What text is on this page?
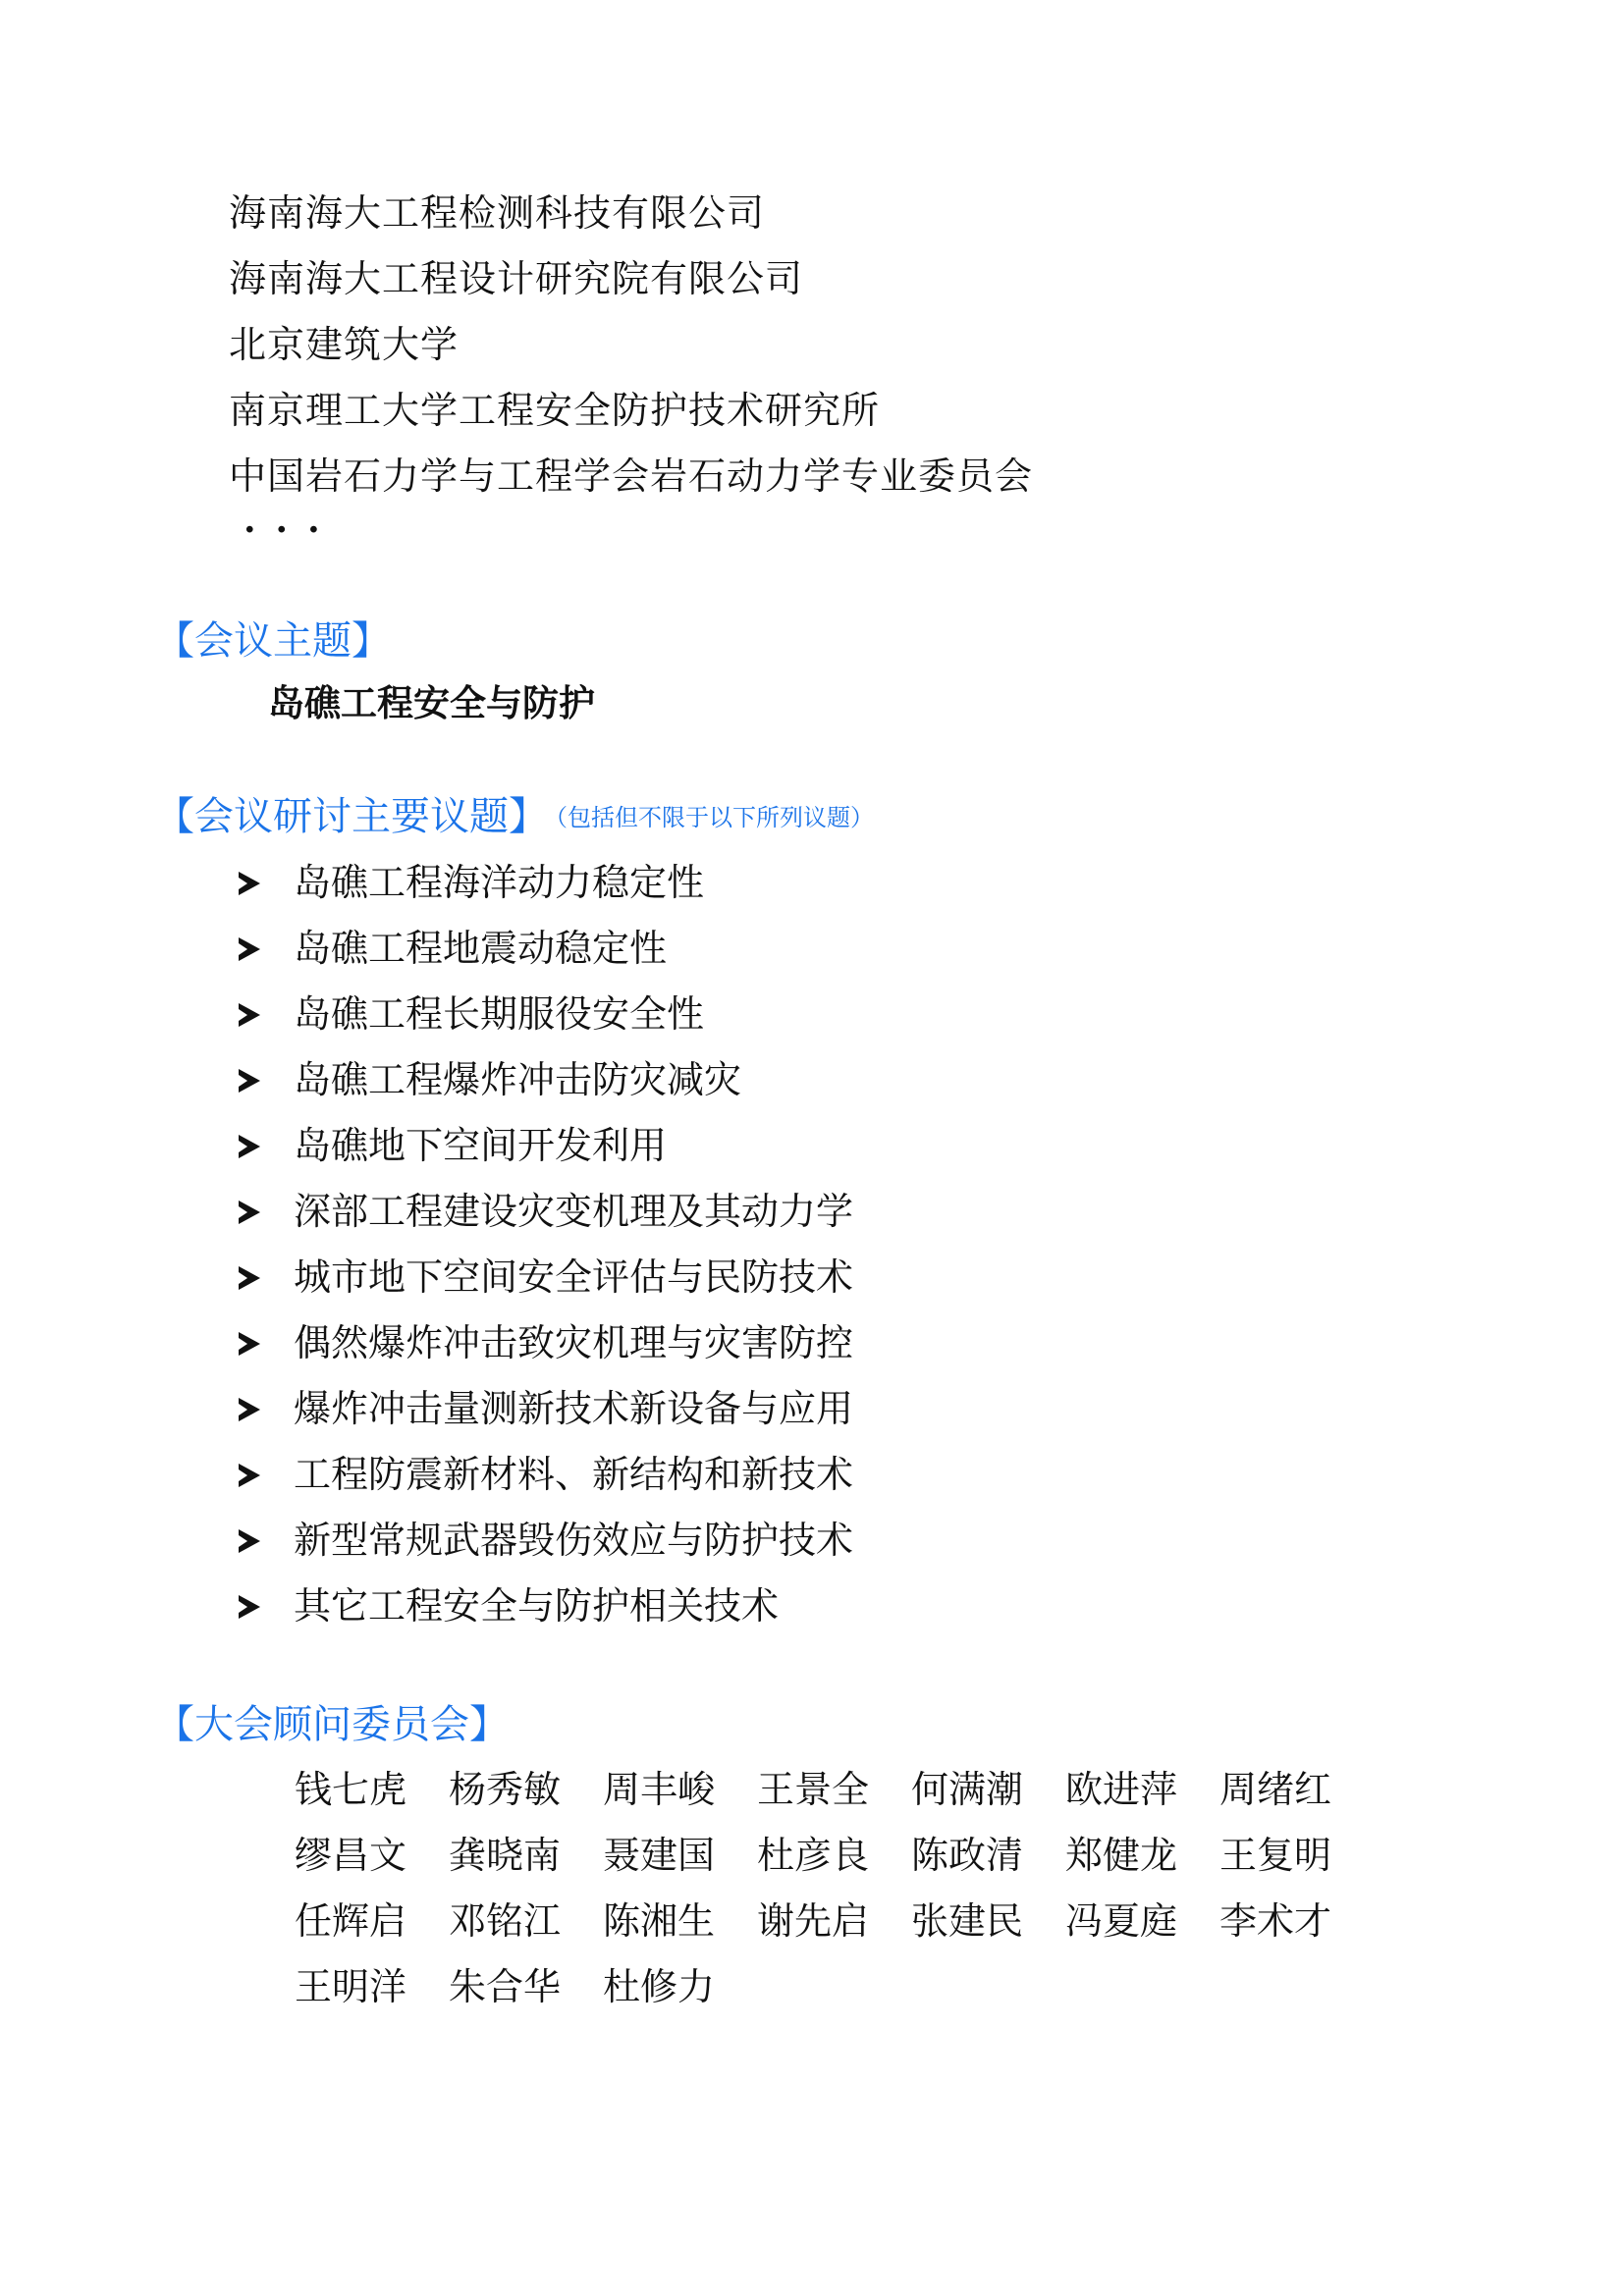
海南海大工程检测科技有限公司
海南海大工程设计研究院有限公司
北京建筑大学
南京理工大学工程安全防护技术研究所
中国岩石力学与工程学会岩石动力学专业委员会
···
【会议主题】
岛礁工程安全与防护
【会议研讨主要议题】 （包括但不限于以下所列议题）
岛礁工程海洋动力稳定性
岛礁工程地震动稳定性
岛礁工程长期服役安全性
岛礁工程爆炸冲击防灾减灾
岛礁地下空间开发利用
深部工程建设灾变机理及其动力学
城市地下空间安全评估与民防技术
偶然爆炸冲击致灾机理与灾害防控
爆炸冲击量测新技术新设备与应用
工程防震新材料、新结构和新技术
新型常规武器毁伤效应与防护技术
其它工程安全与防护相关技术
【大会顾问委员会】
钱七虎	杨秀敏	周丰峻	王景全	何满潮	欧进萍	周绪红
缪昌文	龚晓南	聂建国	杜彦良	陈政清	郑健龙	王复明
任辉启	邓铭江	陈湘生	谢先启	张建民	冯夏庭	李术才
王明洋	朱合华	杜修力
